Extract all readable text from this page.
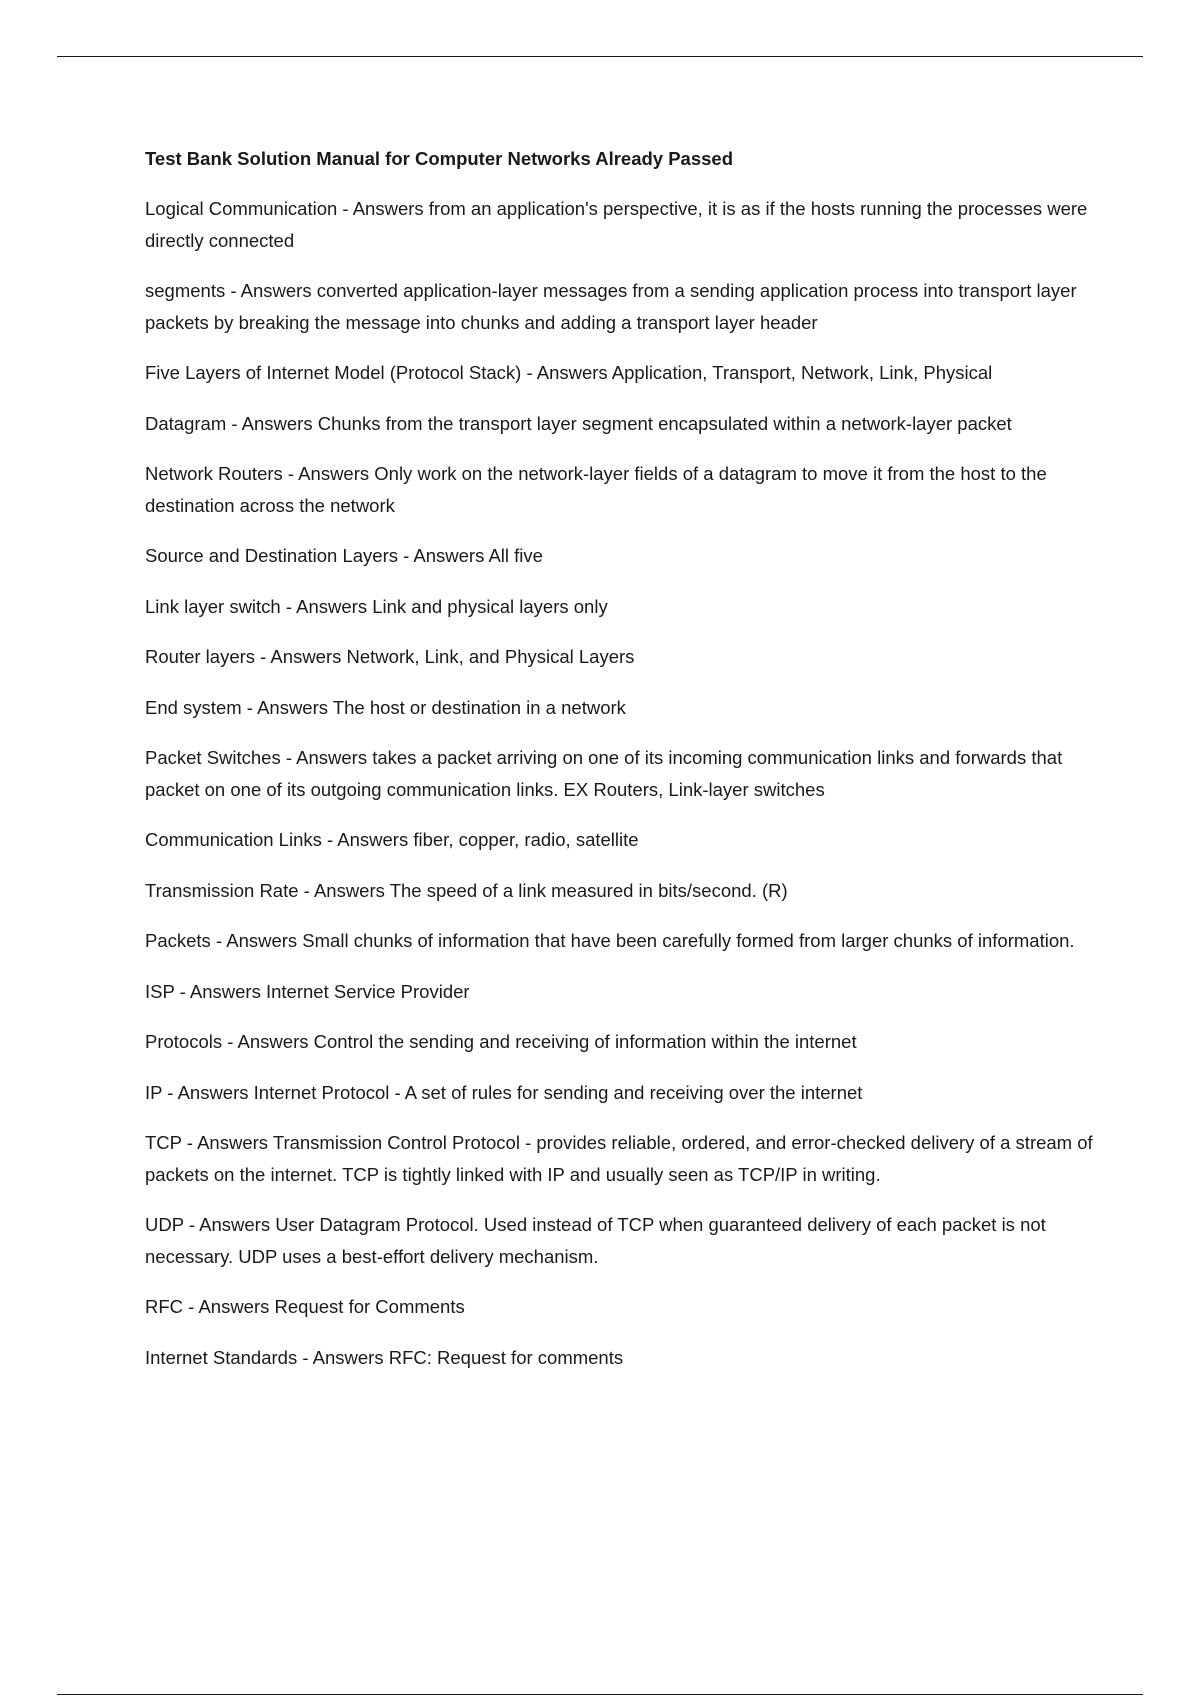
Test Bank Solution Manual for Computer Networks Already Passed
Logical Communication - Answers from an application's perspective, it is as if the hosts running the processes were directly connected
segments - Answers converted application-layer messages from a sending application process into transport layer packets by breaking the message into chunks and adding a transport layer header
Five Layers of Internet Model (Protocol Stack) - Answers Application, Transport, Network, Link, Physical
Datagram - Answers Chunks from the transport layer segment encapsulated within a network-layer packet
Network Routers - Answers Only work on the network-layer fields of a datagram to move it from the host to the destination across the network
Source and Destination Layers - Answers All five
Link layer switch - Answers Link and physical layers only
Router layers - Answers Network, Link, and Physical Layers
End system - Answers The host or destination in a network
Packet Switches - Answers takes a packet arriving on one of its incoming communication links and forwards that packet on one of its outgoing communication links. EX Routers, Link-layer switches
Communication Links - Answers fiber, copper, radio, satellite
Transmission Rate - Answers The speed of a link measured in bits/second. (R)
Packets - Answers Small chunks of information that have been carefully formed from larger chunks of information.
ISP - Answers Internet Service Provider
Protocols - Answers Control the sending and receiving of information within the internet
IP - Answers Internet Protocol - A set of rules for sending and receiving over the internet
TCP - Answers Transmission Control Protocol - provides reliable, ordered, and error-checked delivery of a stream of packets on the internet. TCP is tightly linked with IP and usually seen as TCP/IP in writing.
UDP - Answers User Datagram Protocol. Used instead of TCP when guaranteed delivery of each packet is not necessary. UDP uses a best-effort delivery mechanism.
RFC - Answers Request for Comments
Internet Standards - Answers RFC: Request for comments
